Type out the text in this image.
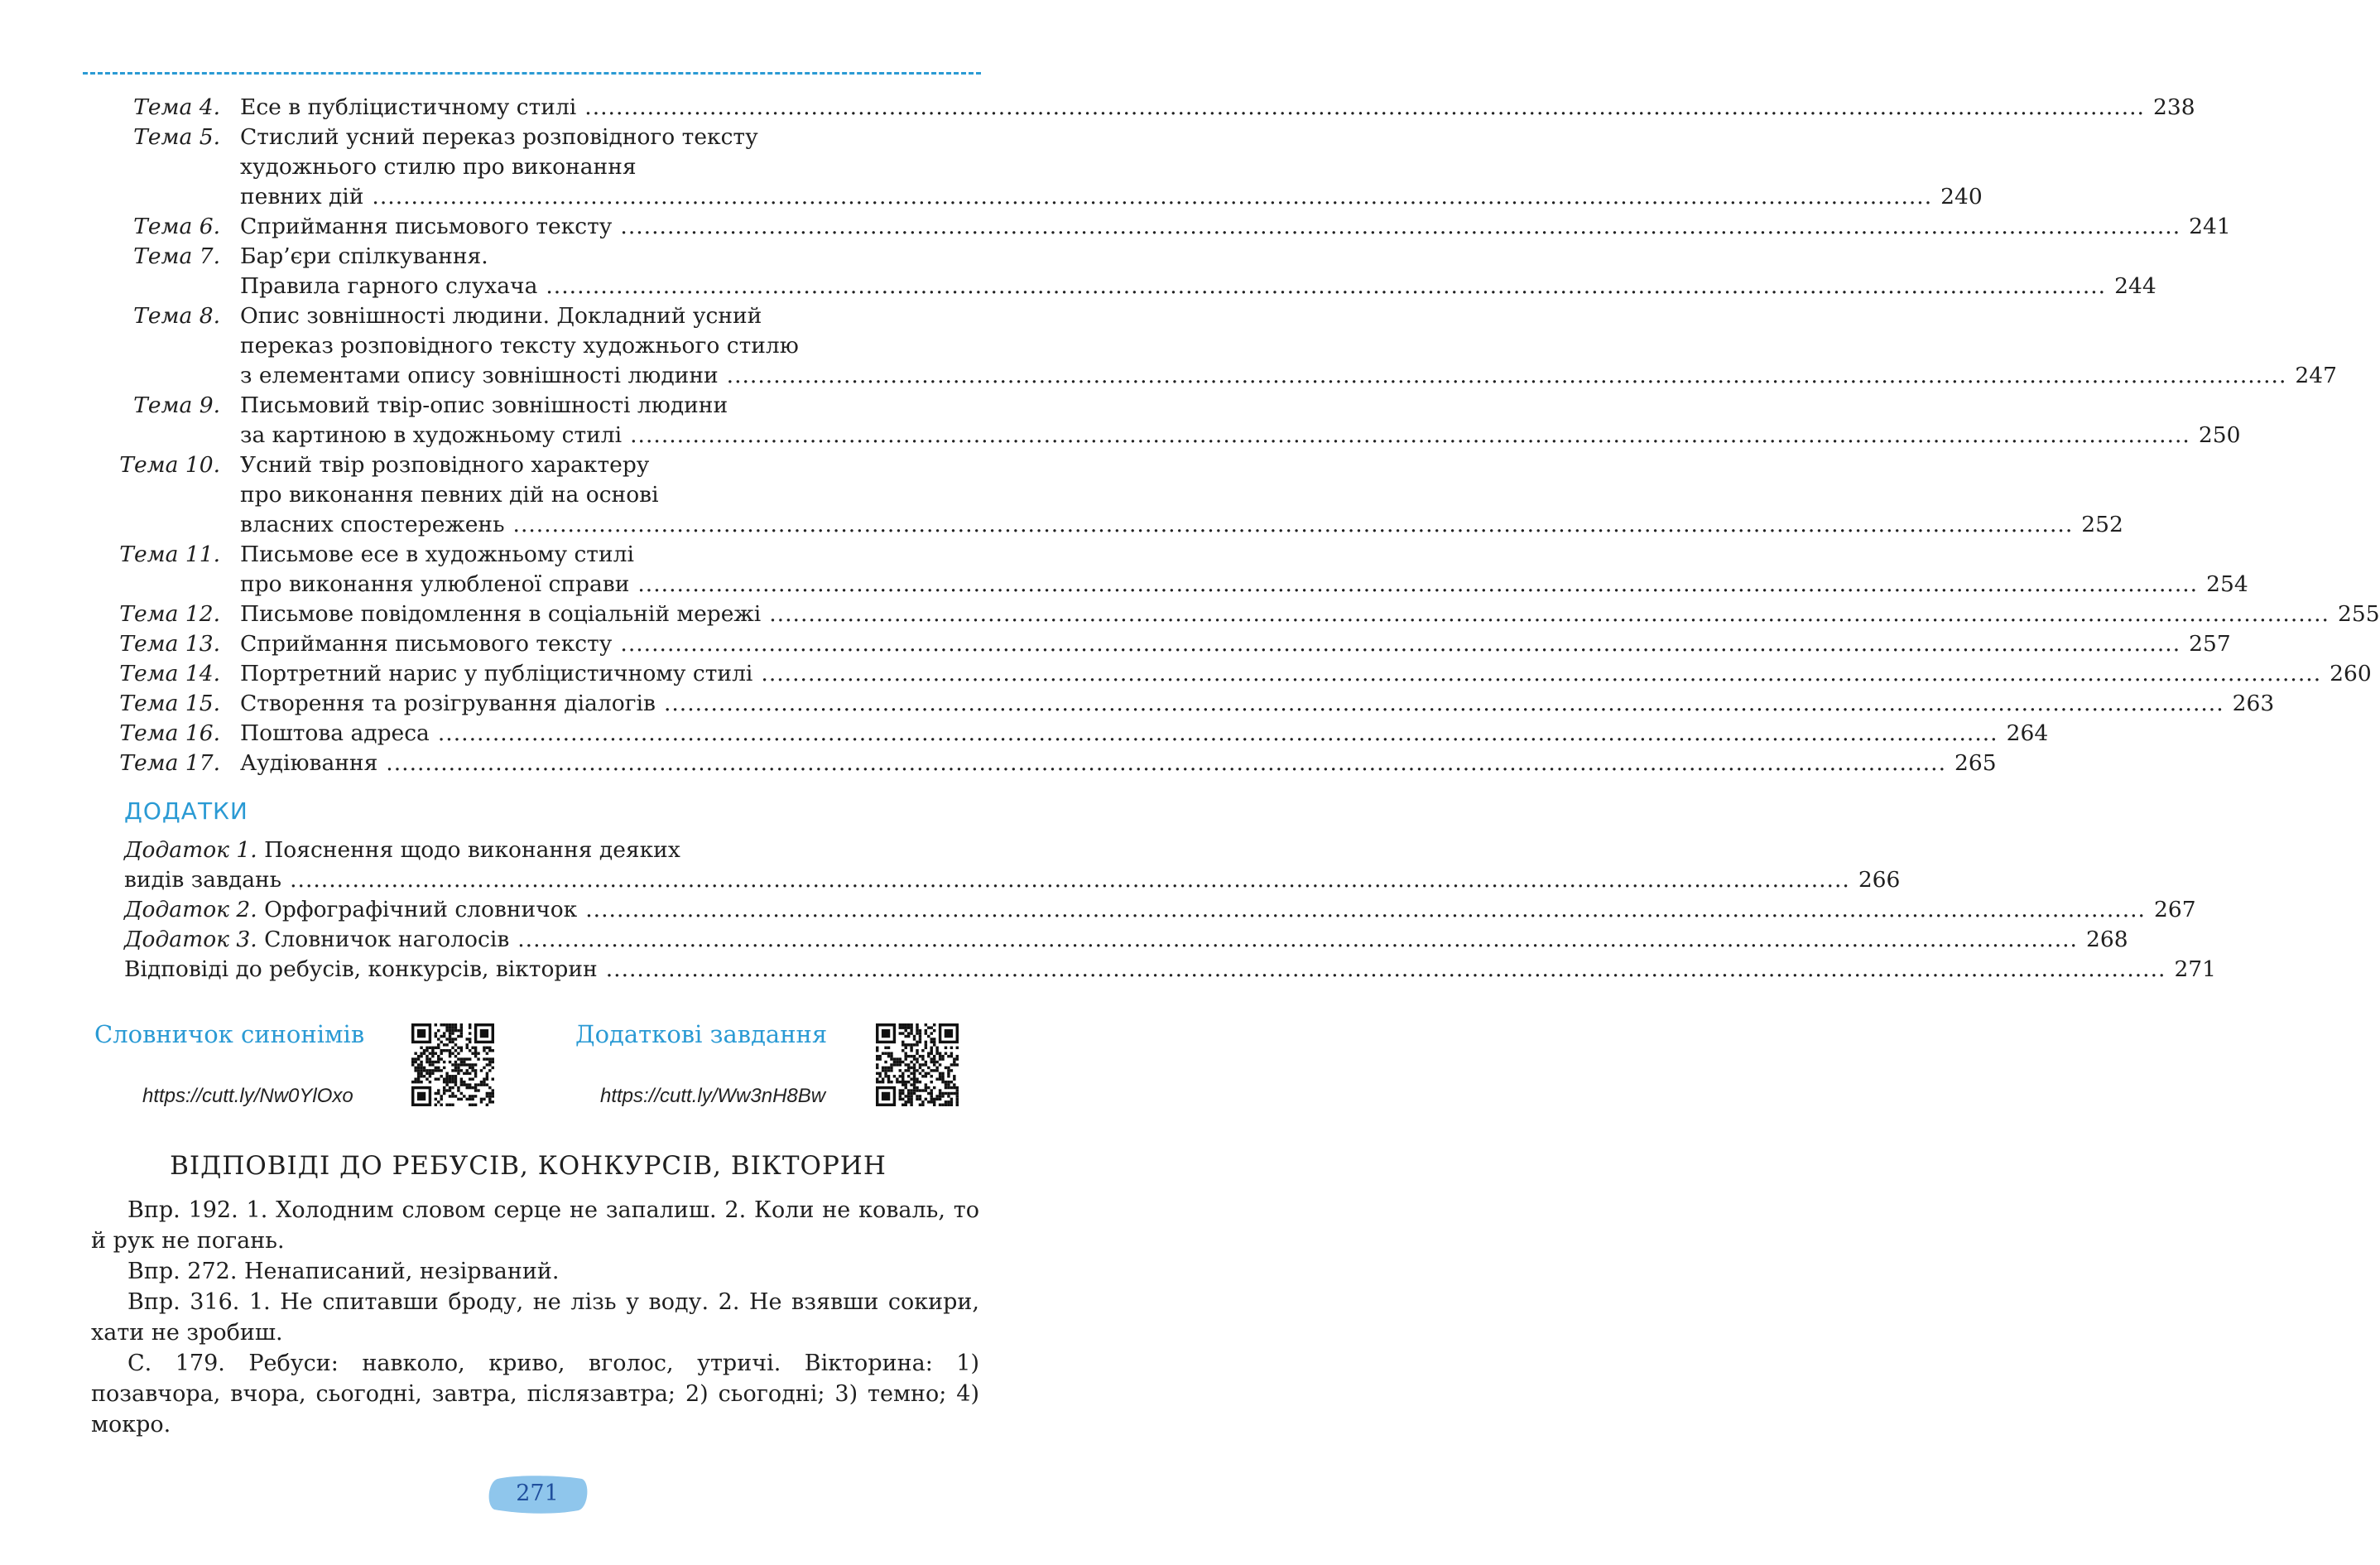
Тема 4. Есе в публіцистичному стилі ........................................................................................................................................................................................................ 238
Тема 5. Стислий усний переказ розповідного тексту
художнього стилю про виконання
певних дій ........................................................................................................................................................................................................ 240
Тема 6. Сприймання письмового тексту ........................................................................................................................................................................................................ 241
Тема 7. Бар’єри спілкування.
Правила гарного слухача ........................................................................................................................................................................................................ 244
Тема 8. Опис зовнішності людини. Докладний усний
переказ розповідного тексту художнього стилю
з елементами опису зовнішності людини ........................................................................................................................................................................................................ 247
Тема 9. Письмовий твір-опис зовнішності людини
за картиною в художньому стилі ........................................................................................................................................................................................................ 250
Тема 10. Усний твір розповідного характеру
про виконання певних дій на основі
власних спостережень ........................................................................................................................................................................................................ 252
Тема 11. Письмове есе в художньому стилі
про виконання улюбленої справи ........................................................................................................................................................................................................ 254
Тема 12. Письмове повідомлення в соціальній мережі ........................................................................................................................................................................................................ 255
Тема 13. Сприймання письмового тексту ........................................................................................................................................................................................................ 257
Тема 14. Портретний нарис у публіцистичному стилі ........................................................................................................................................................................................................ 260
Тема 15. Створення та розігрування діалогів ........................................................................................................................................................................................................ 263
Тема 16. Поштова адреса ........................................................................................................................................................................................................ 264
Тема 17. Аудіювання ........................................................................................................................................................................................................ 265
ДОДАТКИ
Додаток 1. Пояснення щодо виконання деяких
видів завдань ........................................................................................................................................................................................................ 266
Додаток 2. Орфографічний словничок ........................................................................................................................................................................................................ 267
Додаток 3. Словничок наголосів ........................................................................................................................................................................................................ 268
Відповіді до ребусів, конкурсів, вікторин ........................................................................................................................................................................................................ 271
Словничок синонімів
https://cutt.ly/Nw0YlOxo
Додаткові завдання
https://cutt.ly/Ww3nH8Bw
ВІДПОВІДІ ДО РЕБУСІВ, КОНКУРСІВ, ВІКТОРИН
Впр. 192. 1. Холодним словом серце не запалиш. 2. Коли не коваль, то й рук не погань.
Впр. 272. Ненаписаний, незірваний.
Впр. 316. 1. Не спитавши броду, не лізь у воду. 2. Не взявши сокири, хати не зробиш.
С. 179. Ребуси: навколо, криво, вголос, утричі. Вікторина: 1) позавчора, вчора, сьогодні, завтра, післязавтра; 2) сьогодні; 3) темно; 4) мокро.
271
